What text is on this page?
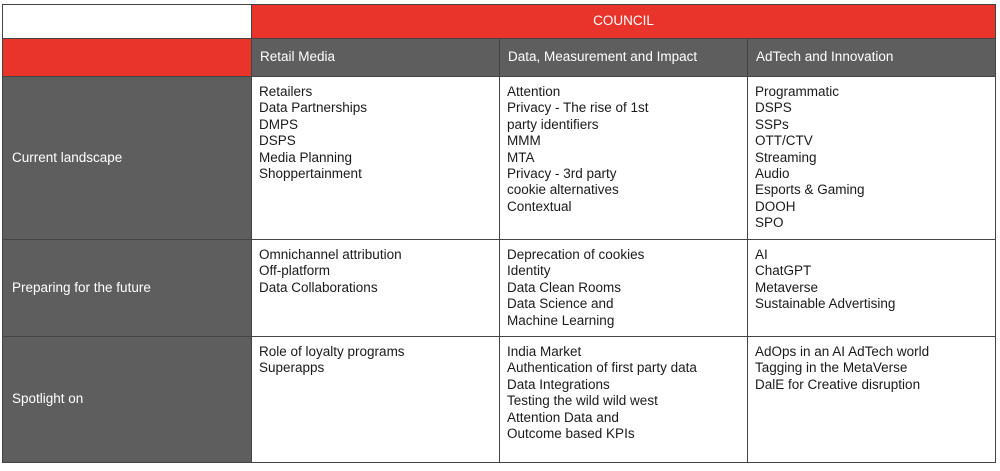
COUNCIL
Retail Media	Data, Measurement and Impact	AdTech and Innovation
Current landscape
Retailers
Data Partnerships
DMPS
DSPS
Media Planning
Shoppertainment
Attention
Privacy - The rise of 1st
party identifiers
MMM
MTA
Privacy - 3rd party
cookie alternatives
Contextual
Programmatic
DSPS
SSPs
OTT/CTV
Streaming
Audio
Esports & Gaming
DOOH
SPO
Preparing for the future
Omnichannel attribution
Off-platform
Data Collaborations
Deprecation of cookies
Identity
Data Clean Rooms
Data Science and
Machine Learning
AI
ChatGPT
Metaverse
Sustainable Advertising
Spotlight on
Role of loyalty programs
Superapps
India Market
Authentication of first party data
Data Integrations
Testing the wild wild west
Attention Data and
Outcome based KPIs
AdOps in an AI AdTech world
Tagging in the MetaVerse
DalE for Creative disruption
